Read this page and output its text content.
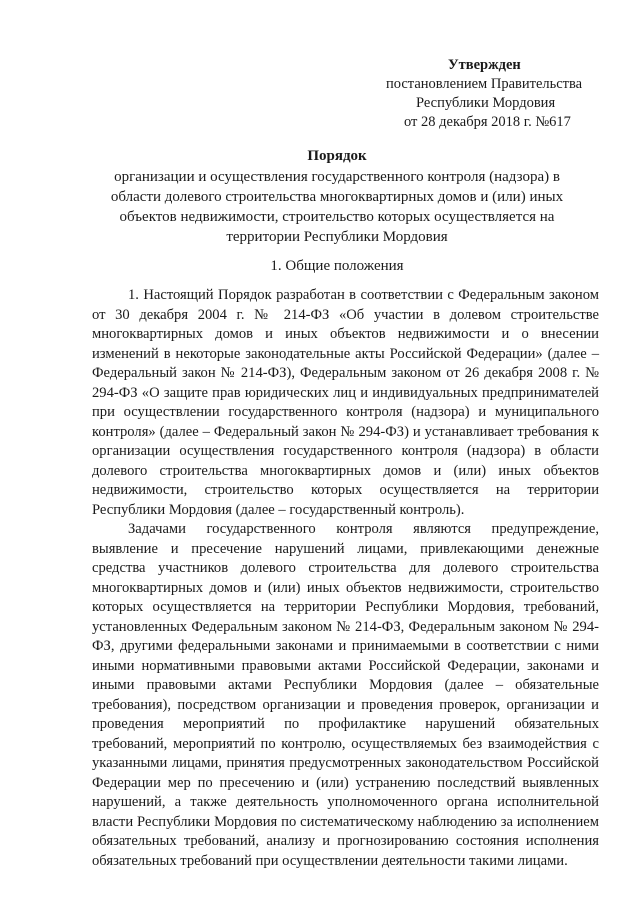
Утвержден
постановлением Правительства
Республики Мордовия
от 28 декабря 2018 г. №617
Порядок
организации и осуществления государственного контроля (надзора) в области долевого строительства многоквартирных домов и (или) иных объектов недвижимости, строительство которых осуществляется на территории Республики Мордовия
1. Общие положения

1. Настоящий Порядок разработан в соответствии с Федеральным законом от 30 декабря 2004 г. № 214-ФЗ «Об участии в долевом строительстве многоквартирных домов и иных объектов недвижимости и о внесении изменений в некоторые законодательные акты Российской Федерации» (далее – Федеральный закон № 214-ФЗ), Федеральным законом от 26 декабря 2008 г. № 294-ФЗ «О защите прав юридических лиц и индивидуальных предпринимателей при осуществлении государственного контроля (надзора) и муниципального контроля» (далее – Федеральный закон № 294-ФЗ) и устанавливает требования к организации осуществления государственного контроля (надзора) в области долевого строительства многоквартирных домов и (или) иных объектов недвижимости, строительство которых осуществляется на территории Республики Мордовия (далее – государственный контроль).

Задачами государственного контроля являются предупреждение, выявление и пресечение нарушений лицами, привлекающими денежные средства участников долевого строительства для долевого строительства многоквартирных домов и (или) иных объектов недвижимости, строительство которых осуществляется на территории Республики Мордовия, требований, установленных Федеральным законом № 214-ФЗ, Федеральным законом № 294-ФЗ, другими федеральными законами и принимаемыми в соответствии с ними иными нормативными правовыми актами Российской Федерации, законами и иными правовыми актами Республики Мордовия (далее – обязательные требования), посредством организации и проведения проверок, организации и проведения мероприятий по профилактике нарушений обязательных требований, мероприятий по контролю, осуществляемых без взаимодействия с указанными лицами, принятия предусмотренных законодательством Российской Федерации мер по пресечению и (или) устранению последствий выявленных нарушений, а также деятельность уполномоченного органа исполнительной власти Республики Мордовия по систематическому наблюдению за исполнением обязательных требований, анализу и прогнозированию состояния исполнения обязательных требований при осуществлении деятельности такими лицами.
